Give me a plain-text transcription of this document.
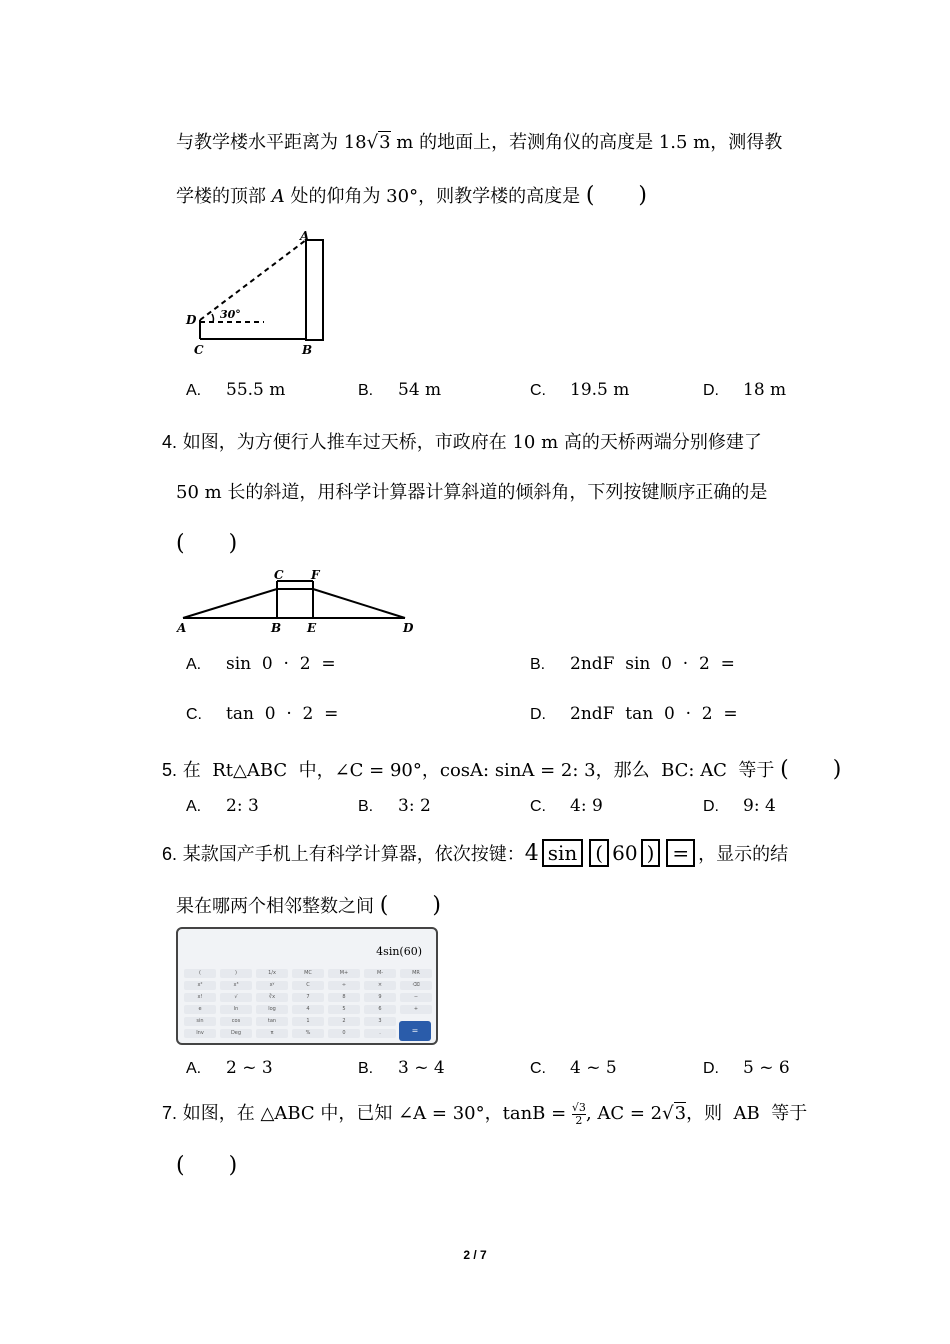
与教学楼水平距离为 18√3 m 的地面上，若测角仪的高度是 1.5 m，测得教
学楼的顶部 A 处的仰角为 30°，则教学楼的高度是 (　　)
A
D
C	B
30°
A. 55.5 m	B. 54 m	C. 19.5 m	D. 18 m
4. 如图，为方便行人推车过天桥，市政府在 10 m 高的天桥两端分别修建了
50 m 长的斜道，用科学计算器计算斜道的倾斜角，下列按键顺序正确的是
(　　)
A	B E	D
C F
A. sin  0  ·  2  =	B. 2ndF  sin  0  ·  2  =
C. tan  0  ·  2  =	D. 2ndF  tan  0  ·  2  =
5. 在  Rt△ABC  中，∠C = 90°，cosA: sinA = 2: 3，那么  BC: AC  等于 (　　)
A. 2: 3	B. 3: 2	C. 4: 9	D. 9: 4
6. 某款国产手机上有科学计算器，依次按键：4 sin ( 60 ) = ，显示的结
果在哪两个相邻整数之间 (　　)
4sin(60)
(	)	1/x	MC	M+	M-	MR
x²	x³	xʸ	C	÷	×	⌫
x!	√	∛x	7	8	9	−
e	ln	log	4	5	6	+
sin	cos	tan	1	2	3
Inv	Deg	π	%	0	.	=
A. 2 ~ 3	B. 3 ~ 4	C. 4 ~ 5	D. 5 ~ 6
7. 如图，在 △ABC 中，已知 ∠A = 30°，$\tan B = \frac{√3}{2}$ , AC = 2√3，则  AB  等于
(　　)
2 / 7
